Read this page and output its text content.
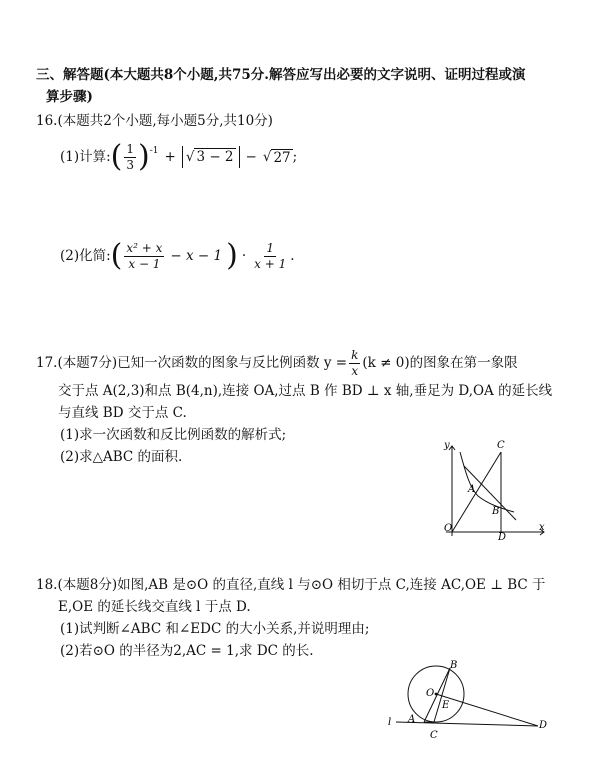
三、解答题(本大题共8个小题,共75分.解答应写出必要的文字说明、证明过程或演
算步骤)
16.(本题共2个小题,每小题5分,共10分)
(1)计算: ( $\frac{1}{3} )^{-1}$ + √ 3 − 2 − √ 27 ;
(2)化简: ( $\frac{\text{x² + x}}{x - 1} - x - 1$ ) · $\frac{1}{x + 1}$ .
17.(本题7分)已知一次函数的图象与反比例函数 $y = \frac{k}{x} (k \ne 0)$的图象在第一象限
交于点 A(2,3)和点 B(4,n),连接 OA,过点 B 作 BD ⊥ x 轴,垂足为 D,OA 的延长线
与直线 BD 交于点 C.
(1)求一次函数和反比例函数的解析式;
(2)求△ABC 的面积.
y
x
O
A
B
C
D
18.(本题8分)如图,AB 是⊙O 的直径,直线 l 与⊙O 相切于点 C,连接 AC,OE ⊥ BC 于
E,OE 的延长线交直线 l 于点 D.
(1)试判断∠ABC 和∠EDC 的大小关系,并说明理由;
(2)若⊙O 的半径为2,AC = 1,求 DC 的长.
l A
B
C
D
E
O
